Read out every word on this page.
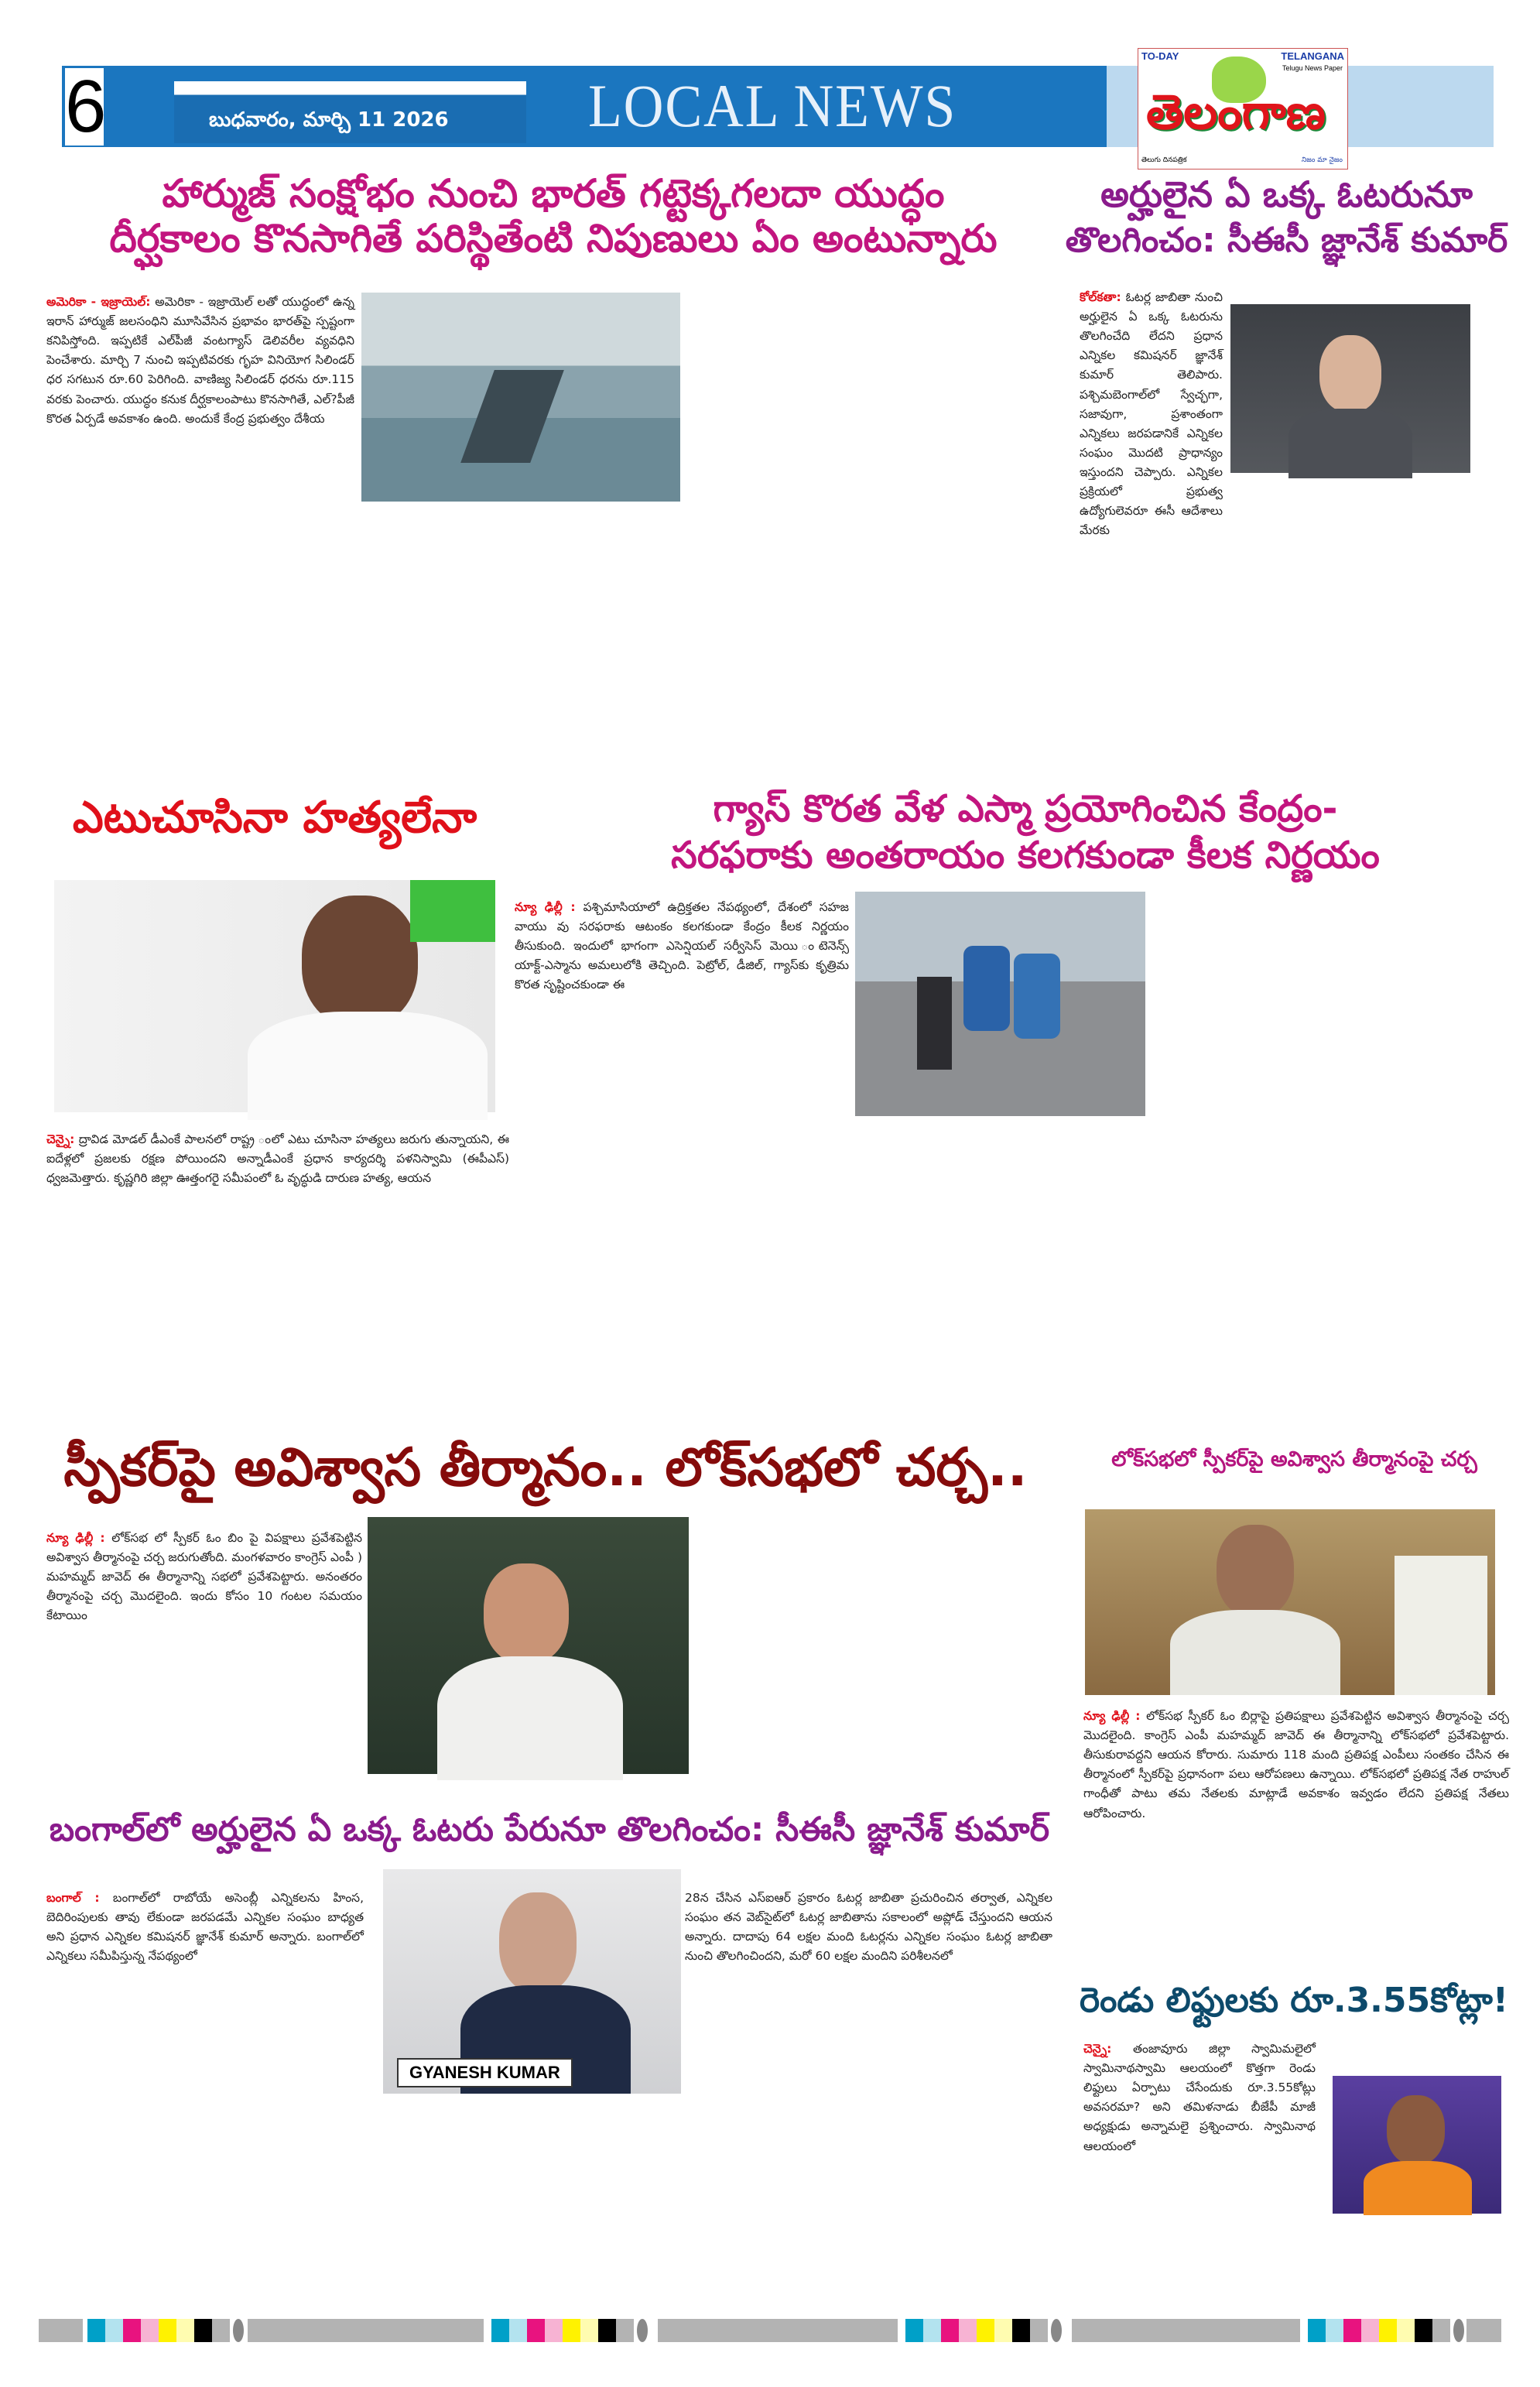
6	బుధవారం, మార్చి 11 2026 LOCAL NEWS
TO-DAY	TELANGANA
Telugu News Paper
తెలంగాణ
తెలుగు దినపత్రిక	నిజం మా నైజం
హార్ముజ్ సంక్షోభం నుంచి భారత్ గట్టెక్కగలదా యుద్ధం
దీర్ఘకాలం కొనసాగితే పరిస్థితేంటి నిపుణులు ఏం అంటున్నారు
అమెరికా - ఇజ్రాయెల్: అమెరికా - ఇజ్రాయెల్ లతో యుద్ధంలో ఉన్న ఇరాన్ హార్ముజ్ జలసంధిని మూసివేసిన ప్రభావం భారత్‌పై స్పష్టంగా కనిపిస్తోంది. ఇప్పటికే ఎల్‌పీజీ వంటగ్యాస్ డెలివరీల వ్యవధిని పెంచేశారు. మార్చి 7 నుంచి ఇప్పటివరకు గృహ వినియోగ సిలిండర్ ధర సగటున రూ.60 పెరిగింది. వాణిజ్య సిలిండర్ ధరను రూ.115 వరకు పెంచారు. యుద్ధం కనుక దీర్ఘకాలంపాటు కొనసాగితే, ఎల్?పీజీ కొరత ఏర్పడే అవకాశం ఉంది. అందుకే కేంద్ర ప్రభుత్వం దేశీయ
అర్హులైన ఏ ఒక్క ఓటరునూ
తొలగించం: సీఈసీ జ్ఞానేశ్ కుమార్
కోల్‌కతా: ఓటర్ల జాబితా నుంచి అర్హులైన ఏ ఒక్క ఓటరును తొలగించేది లేదని ప్రధాన ఎన్నికల కమిషనర్ జ్ఞానేశ్ కుమార్ తెలిపారు. పశ్చిమబెంగాల్‌లో స్వేచ్ఛగా, సజావుగా, ప్రశాంతంగా ఎన్నికలు జరపడానికే ఎన్నికల సంఘం మొదటి ప్రాధాన్యం ఇస్తుందని చెప్పారు. ఎన్నికల ప్రక్రియలో ప్రభుత్వ ఉద్యోగులెవరూ ఈసీ ఆదేశాలు మేరకు
ఎటుచూసినా హత్యలేనా
చెన్నై: ద్రావిడ మోడల్ డీఎంకే పాలనలో రాష్ట్ర ంలో ఎటు చూసినా హత్యలు జరుగు తున్నాయని, ఈ ఐదేళ్లలో ప్రజలకు రక్షణ పోయిందని అన్నాడీఎంకే ప్రధాన కార్యదర్శి పళనిస్వామి (ఈపీఎస్) ధ్వజమెత్తారు. కృష్ణగిరి జిల్లా ఊత్తంగరై సమీపంలో ఓ వృద్ధుడి దారుణ హత్య, ఆయన
గ్యాస్ కొరత వేళ ఎస్మా ప్రయోగించిన కేంద్రం-
సరఫరాకు అంతరాయం కలగకుండా కీలక నిర్ణయం
న్యూ ఢిల్లీ : పశ్చిమాసియాలో ఉద్రిక్తతల నేపథ్యంలో, దేశంలో సహజ వాయు వు సరఫరాకు ఆటంకం కలగకుండా కేంద్రం కీలక నిర్ణయం తీసుకుంది. ఇందులో భాగంగా ఎసెన్షియల్ సర్వీసెస్ మెయి ంటెనెన్స్ యాక్ట్-ఎస్మాను అమలులోకి తెచ్చింది. పెట్రోల్, డీజిల్, గ్యాస్‌కు కృత్రిమ కొరత సృష్టించకుండా ఈ
స్పీకర్‌పై అవిశ్వాస తీర్మానం.. లోక్‌సభలో చర్చ..
న్యూ ఢిల్లీ : లోక్‌సభ లో స్పీకర్ ఓం బిం పై విపక్షాలు ప్రవేశపెట్టిన అవిశ్వాస తీర్మానంపై చర్చ జరుగుతోంది. మంగళవారం కాంగ్రెస్ ఎంపీ ) మహమ్మద్ జావెద్ ఈ తీర్మానాన్ని సభలో ప్రవేశపెట్టారు. అనంతరం తీర్మానంపై చర్చ మొదలైంది. ఇందు కోసం 10 గంటల సమయం కేటాయిం
లోక్‌సభలో స్పీకర్‌పై అవిశ్వాస తీర్మానంపై చర్చ
న్యూ ఢిల్లీ : లోక్‌సభ స్పీకర్ ఓం బిర్లాపై ప్రతిపక్షాలు ప్రవేశపెట్టిన అవిశ్వాస తీర్మానంపై చర్చ మొదలైంది. కాంగ్రెస్ ఎంపీ మహమ్మద్ జావెద్ ఈ తీర్మానాన్ని లోక్‌సభలో ప్రవేశపెట్టారు. తీసుకురావద్దని ఆయన కోరారు. సుమారు 118 మంది ప్రతిపక్ష ఎంపీలు సంతకం చేసిన ఈ తీర్మానంలో స్పీకర్‌పై ప్రధానంగా పలు ఆరోపణలు ఉన్నాయి. లోక్‌సభలో ప్రతిపక్ష నేత రాహుల్ గాంధీతో పాటు తమ నేతలకు మాట్లాడే అవకాశం ఇవ్వడం లేదని ప్రతిపక్ష నేతలు ఆరోపించారు.
బంగాల్‌లో అర్హులైన ఏ ఒక్క ఓటరు పేరునూ తొలగించం: సీఈసీ జ్ఞానేశ్ కుమార్
బంగాల్ : బంగాల్‌లో రాబోయే అసెంబ్లీ ఎన్నికలను హింస, బెదిరింపులకు తావు లేకుండా జరపడమే ఎన్నికల సంఘం బాధ్యత అని ప్రధాన ఎన్నికల కమిషనర్ జ్ఞానేశ్ కుమార్ అన్నారు. బంగాల్‌లో ఎన్నికలు సమీపిస్తున్న నేపథ్యంలో
GYANESH KUMAR
28న చేసిన ఎస్ఐఆర్ ప్రకారం ఓటర్ల జాబితా ప్రచురించిన తర్వాత, ఎన్నికల సంఘం తన వెబ్‌సైట్‌లో ఓటర్ల జాబితాను సకాలంలో అప్లోడ్ చేస్తుందని ఆయన అన్నారు. దాదాపు 64 లక్షల మంది ఓటర్లను ఎన్నికల సంఘం ఓటర్ల జాబితా నుంచి తొలగించిందని, మరో 60 లక్షల మందిని పరిశీలనలో
రెండు లిఫ్టులకు రూ.3.55కోట్లా!
చెన్నై: తంజావూరు జిల్లా స్వామిమలైలో స్వామినాథస్వామి ఆలయంలో కొత్తగా రెండు లిఫ్టులు ఏర్పాటు చేసేందుకు రూ.3.55కోట్లు అవసరమా? అని తమిళనాడు బీజేపీ మాజీ అధ్యక్షుడు అన్నామలై ప్రశ్నించారు. స్వామినాథ ఆలయంలో
